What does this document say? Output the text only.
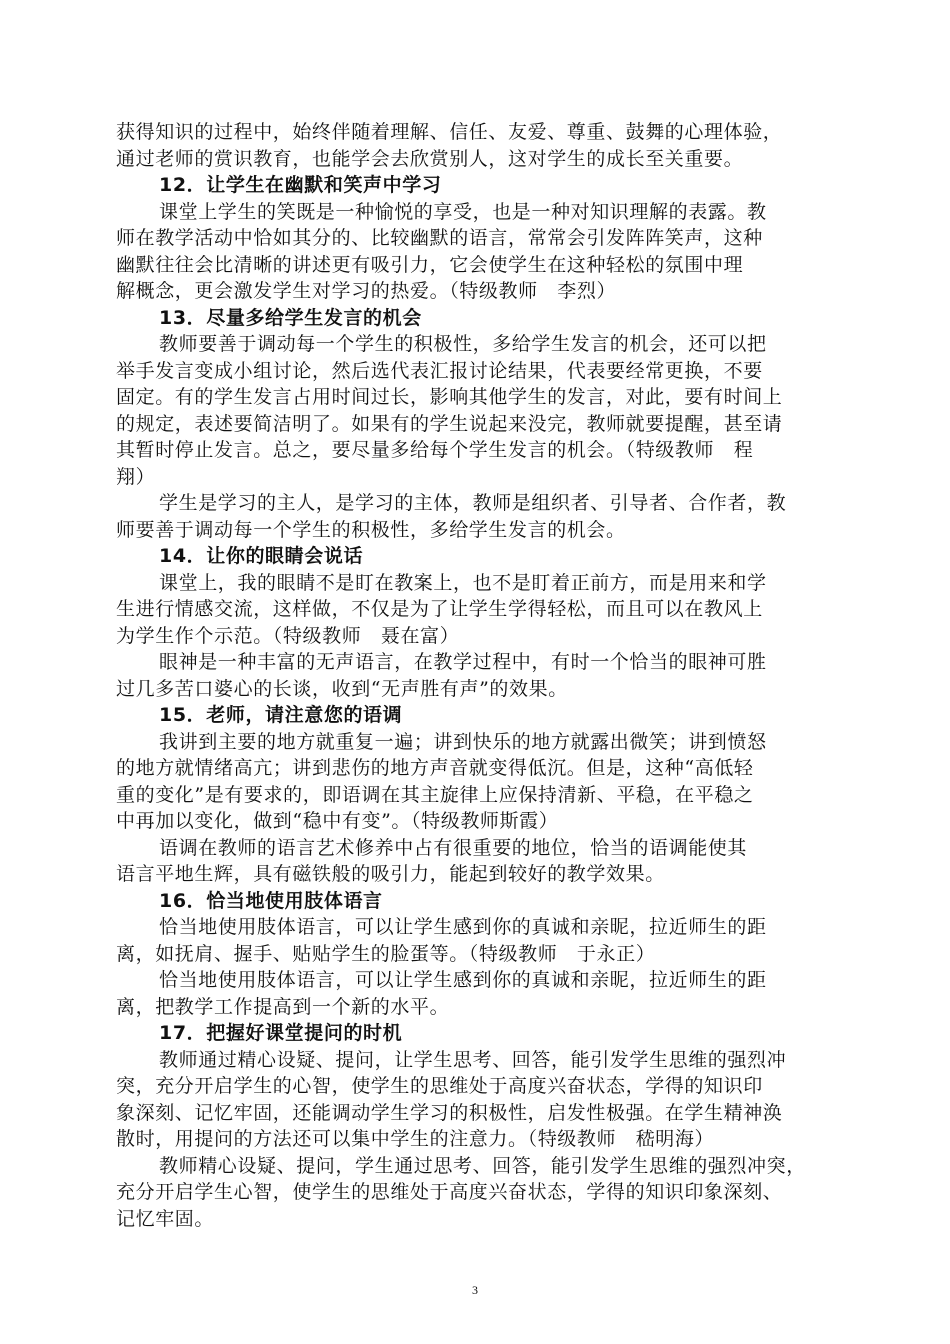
获得知识的过程中，始终伴随着理解、信任、友爱、尊重、鼓舞的心理体验，
通过老师的赏识教育，也能学会去欣赏别人，这对学生的成长至关重要。
12．让学生在幽默和笑声中学习
课堂上学生的笑既是一种愉悦的享受，也是一种对知识理解的表露。教
师在教学活动中恰如其分的、比较幽默的语言，常常会引发阵阵笑声，这种
幽默往往会比清晰的讲述更有吸引力，它会使学生在这种轻松的氛围中理
解概念，更会激发学生对学习的热爱。（特级教师　李烈）
13．尽量多给学生发言的机会
教师要善于调动每一个学生的积极性，多给学生发言的机会，还可以把
举手发言变成小组讨论，然后选代表汇报讨论结果，代表要经常更换，不要
固定。有的学生发言占用时间过长，影响其他学生的发言，对此，要有时间上
的规定，表述要简洁明了。如果有的学生说起来没完，教师就要提醒，甚至请
其暂时停止发言。总之，要尽量多给每个学生发言的机会。（特级教师　程
翔）
学生是学习的主人，是学习的主体，教师是组织者、引导者、合作者，教
师要善于调动每一个学生的积极性，多给学生发言的机会。
14．让你的眼睛会说话
课堂上，我的眼睛不是盯在教案上，也不是盯着正前方，而是用来和学
生进行情感交流，这样做，不仅是为了让学生学得轻松，而且可以在教风上
为学生作个示范。（特级教师　聂在富）
眼神是一种丰富的无声语言，在教学过程中，有时一个恰当的眼神可胜
过几多苦口婆心的长谈，收到“无声胜有声”的效果。
15．老师，请注意您的语调
我讲到主要的地方就重复一遍；讲到快乐的地方就露出微笑；讲到愤怒
的地方就情绪高亢；讲到悲伤的地方声音就变得低沉。但是，这种“高低轻
重的变化”是有要求的，即语调在其主旋律上应保持清新、平稳，在平稳之
中再加以变化，做到“稳中有变”。（特级教师斯霞）
语调在教师的语言艺术修养中占有很重要的地位，恰当的语调能使其
语言平地生辉，具有磁铁般的吸引力，能起到较好的教学效果。
16．恰当地使用肢体语言
恰当地使用肢体语言，可以让学生感到你的真诚和亲昵，拉近师生的距
离，如抚肩、握手、贴贴学生的脸蛋等。（特级教师　于永正）
恰当地使用肢体语言，可以让学生感到你的真诚和亲昵，拉近师生的距
离，把教学工作提高到一个新的水平。
17．把握好课堂提问的时机
教师通过精心设疑、提问，让学生思考、回答，能引发学生思维的强烈冲
突，充分开启学生的心智，使学生的思维处于高度兴奋状态，学得的知识印
象深刻、记忆牢固，还能调动学生学习的积极性，启发性极强。在学生精神涣
散时，用提问的方法还可以集中学生的注意力。（特级教师　嵇明海）
教师精心设疑、提问，学生通过思考、回答，能引发学生思维的强烈冲突，
充分开启学生心智，使学生的思维处于高度兴奋状态，学得的知识印象深刻、
记忆牢固。
3
